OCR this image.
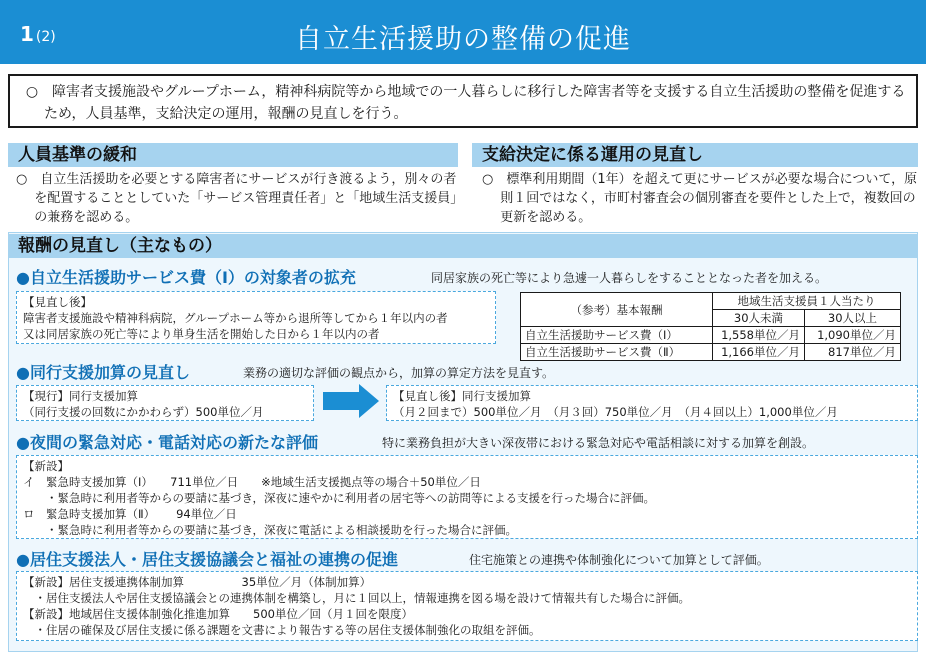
1 (2)	自立生活援助の整備の促進
○　障害者支援施設やグループホーム，精神科病院等から地域での一人暮らしに移行した障害者等を支援する自立生活援助の整備を促進するため，人員基準，支給決定の運用，報酬の見直しを行う。
人員基準の緩和
○　自立生活援助を必要とする障害者にサービスが行き渡るよう，別々の者を配置することとしていた「サービス管理責任者」と「地域生活支援員」の兼務を認める。
支給決定に係る運用の見直し
○　標準利用期間（1年）を超えて更にサービスが必要な場合について，原則１回ではなく，市町村審査会の個別審査を要件とした上で，複数回の更新を認める。
報酬の見直し（主なもの）
●自立生活援助サービス費（Ⅰ）の対象者の拡充	同居家族の死亡等により急遽一人暮らしをすることとなった者を加える。
【見直し後】
障害者支援施設や精神科病院，グループホーム等から退所等してから１年以内の者
又は同居家族の死亡等により単身生活を開始した日から１年以内の者
（参考）基本報酬	地域生活支援員１人当たり	
	30人未満	30人以上
自立生活援助サービス費（Ⅰ）	1,558単位／月	1,090単位／月
自立生活援助サービス費（Ⅱ）	1,166単位／月	817単位／月
●同行支援加算の見直し	業務の適切な評価の観点から，加算の算定方法を見直す。
【現行】同行支援加算
（同行支援の回数にかかわらず）500単位／月
【見直し後】同行支援加算
（月２回まで）500単位／月　（月３回）750単位／月　（月４回以上）1,000単位／月
●夜間の緊急対応・電話対応の新たな評価	特に業務負担が大きい深夜帯における緊急対応や電話相談に対する加算を創設。
【新設】
イ　緊急時支援加算（Ⅰ）　　711単位／日　　※地域生活支援拠点等の場合＋50単位／日
　　・緊急時に利用者等からの要請に基づき，深夜に速やかに利用者の居宅等への訪問等による支援を行った場合に評価。
ロ　緊急時支援加算（Ⅱ）　　 94単位／日
　　・緊急時に利用者等からの要請に基づき，深夜に電話による相談援助を行った場合に評価。
●居住支援法人・居住支援協議会と福祉の連携の促進	住宅施策との連携や体制強化について加算として評価。
【新設】居住支援連携体制加算　　　　　35単位／月（体制加算）
　・居住支援法人や居住支援協議会との連携体制を構築し，月に１回以上，情報連携を図る場を設けて情報共有した場合に評価。
【新設】地域居住支援体制強化推進加算　　500単位／回（月１回を限度）
　・住居の確保及び居住支援に係る課題を文書により報告する等の居住支援体制強化の取組を評価。
